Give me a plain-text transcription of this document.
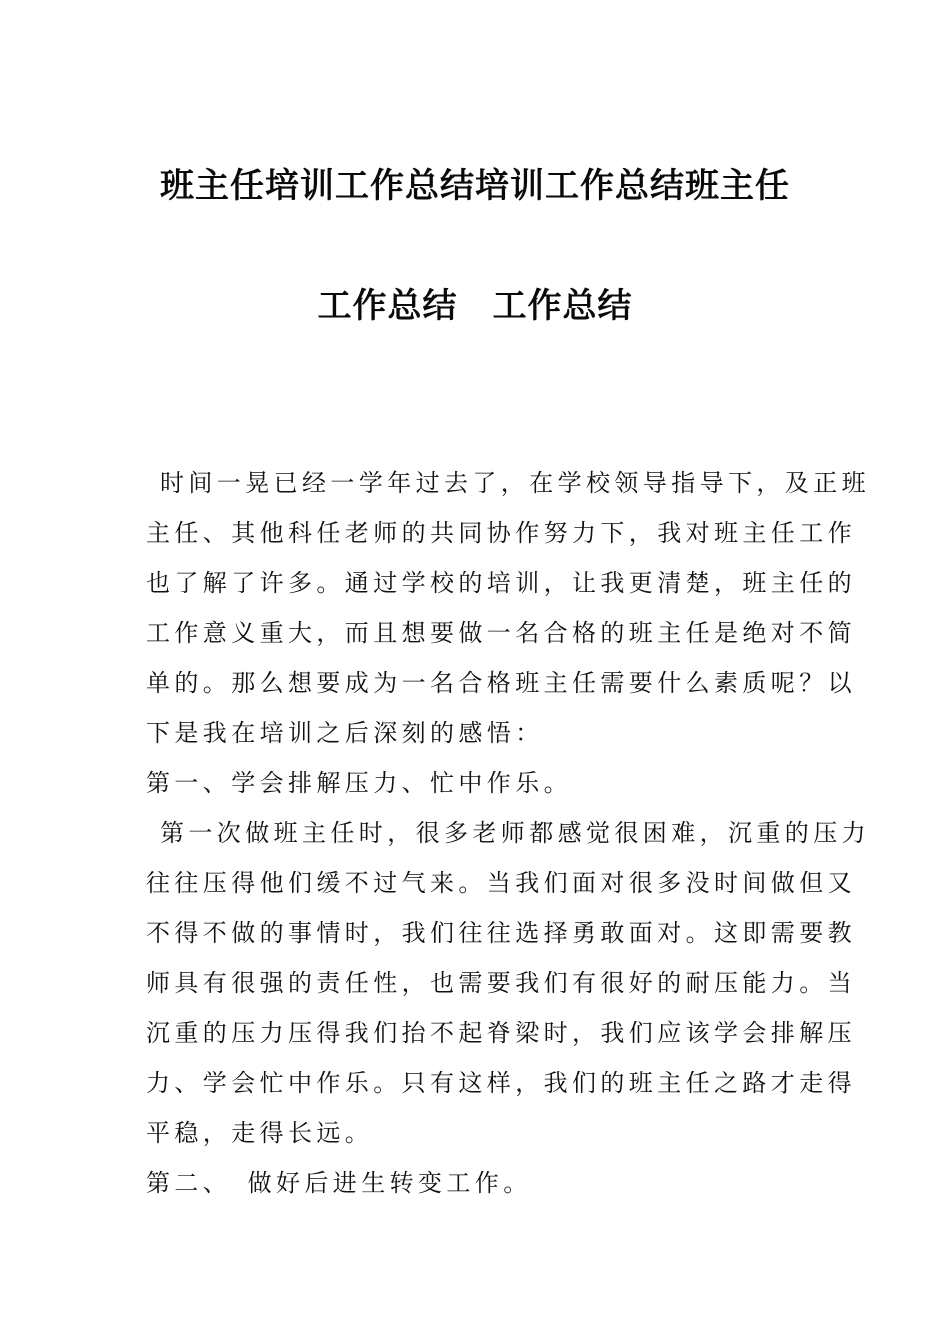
班主任培训工作总结培训工作总结班主任
工作总结　工作总结
时间一晃已经一学年过去了，在学校领导指导下，及正班
主任、其他科任老师的共同协作努力下，我对班主任工作
也了解了许多。通过学校的培训，让我更清楚，班主任的
工作意义重大，而且想要做一名合格的班主任是绝对不简
单的。那么想要成为一名合格班主任需要什么素质呢？以
下是我在培训之后深刻的感悟：
第一、学会排解压力、忙中作乐。
第一次做班主任时，很多老师都感觉很困难，沉重的压力
往往压得他们缓不过气来。当我们面对很多没时间做但又
不得不做的事情时，我们往往选择勇敢面对。这即需要教
师具有很强的责任性，也需要我们有很好的耐压能力。当
沉重的压力压得我们抬不起脊梁时，我们应该学会排解压
力、学会忙中作乐。只有这样，我们的班主任之路才走得
平稳，走得长远。
第二、　做好后进生转变工作。
